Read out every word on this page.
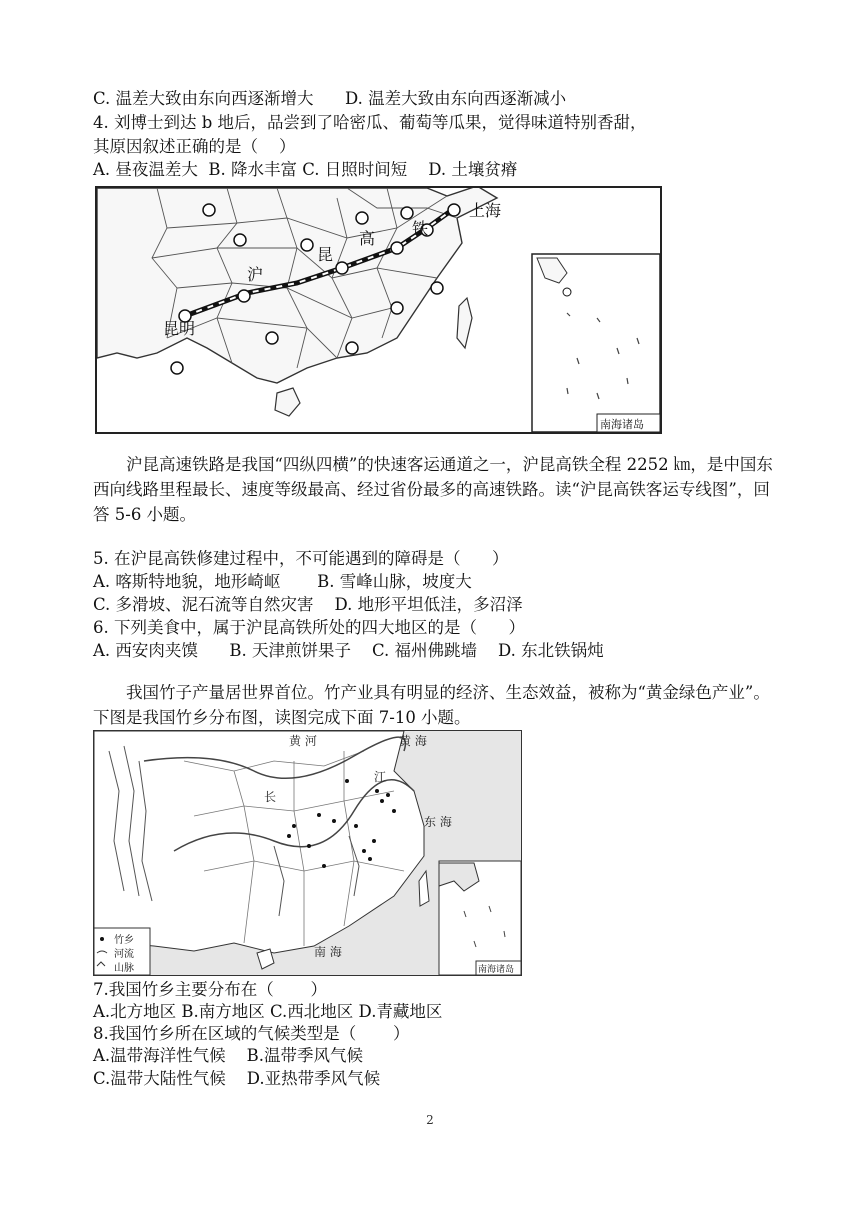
C. 温差大致由东向西逐渐增大 D. 温差大致由东向西逐渐减小
4. 刘博士到达 b 地后，品尝到了哈密瓜、葡萄等瓜果，觉得味道特别香甜，
其原因叙述正确的是（    ）
A. 昼夜温差大  B. 降水丰富 C. 日照时间短    D. 土壤贫瘠
上海
昆明
沪
昆
高
铁
南海诸岛
沪昆高速铁路是我国“四纵四横”的快速客运通道之一，沪昆高铁全程 2252 ㎞，是中国东西向线路里程最长、速度等级最高、经过省份最多的高速铁路。读“沪昆高铁客运专线图”，回答 5-6 小题。
5. 在沪昆高铁修建过程中，不可能遇到的障碍是（      ）
A. 喀斯特地貌，地形崎岖       B. 雪峰山脉，坡度大
C. 多滑坡、泥石流等自然灾害    D. 地形平坦低洼，多沼泽
6. 下列美食中，属于沪昆高铁所处的四大地区的是（      ）
A. 西安肉夹馍      B. 天津煎饼果子    C. 福州佛跳墙    D. 东北铁锅炖
我国竹子产量居世界首位。竹产业具有明显的经济、生态效益，被称为“黄金绿色产业”。下图是我国竹乡分布图，读图完成下面 7-10 小题。
黄 河	黄 海
东 海
南 海
江
长
竹乡
河流
山脉	南海诸岛
7.我国竹乡主要分布在（       ）
A.北方地区 B.南方地区 C.西北地区 D.青藏地区
8.我国竹乡所在区域的气候类型是（       ）
A.温带海洋性气候    B.温带季风气候
C.温带大陆性气候    D.亚热带季风气候
2
